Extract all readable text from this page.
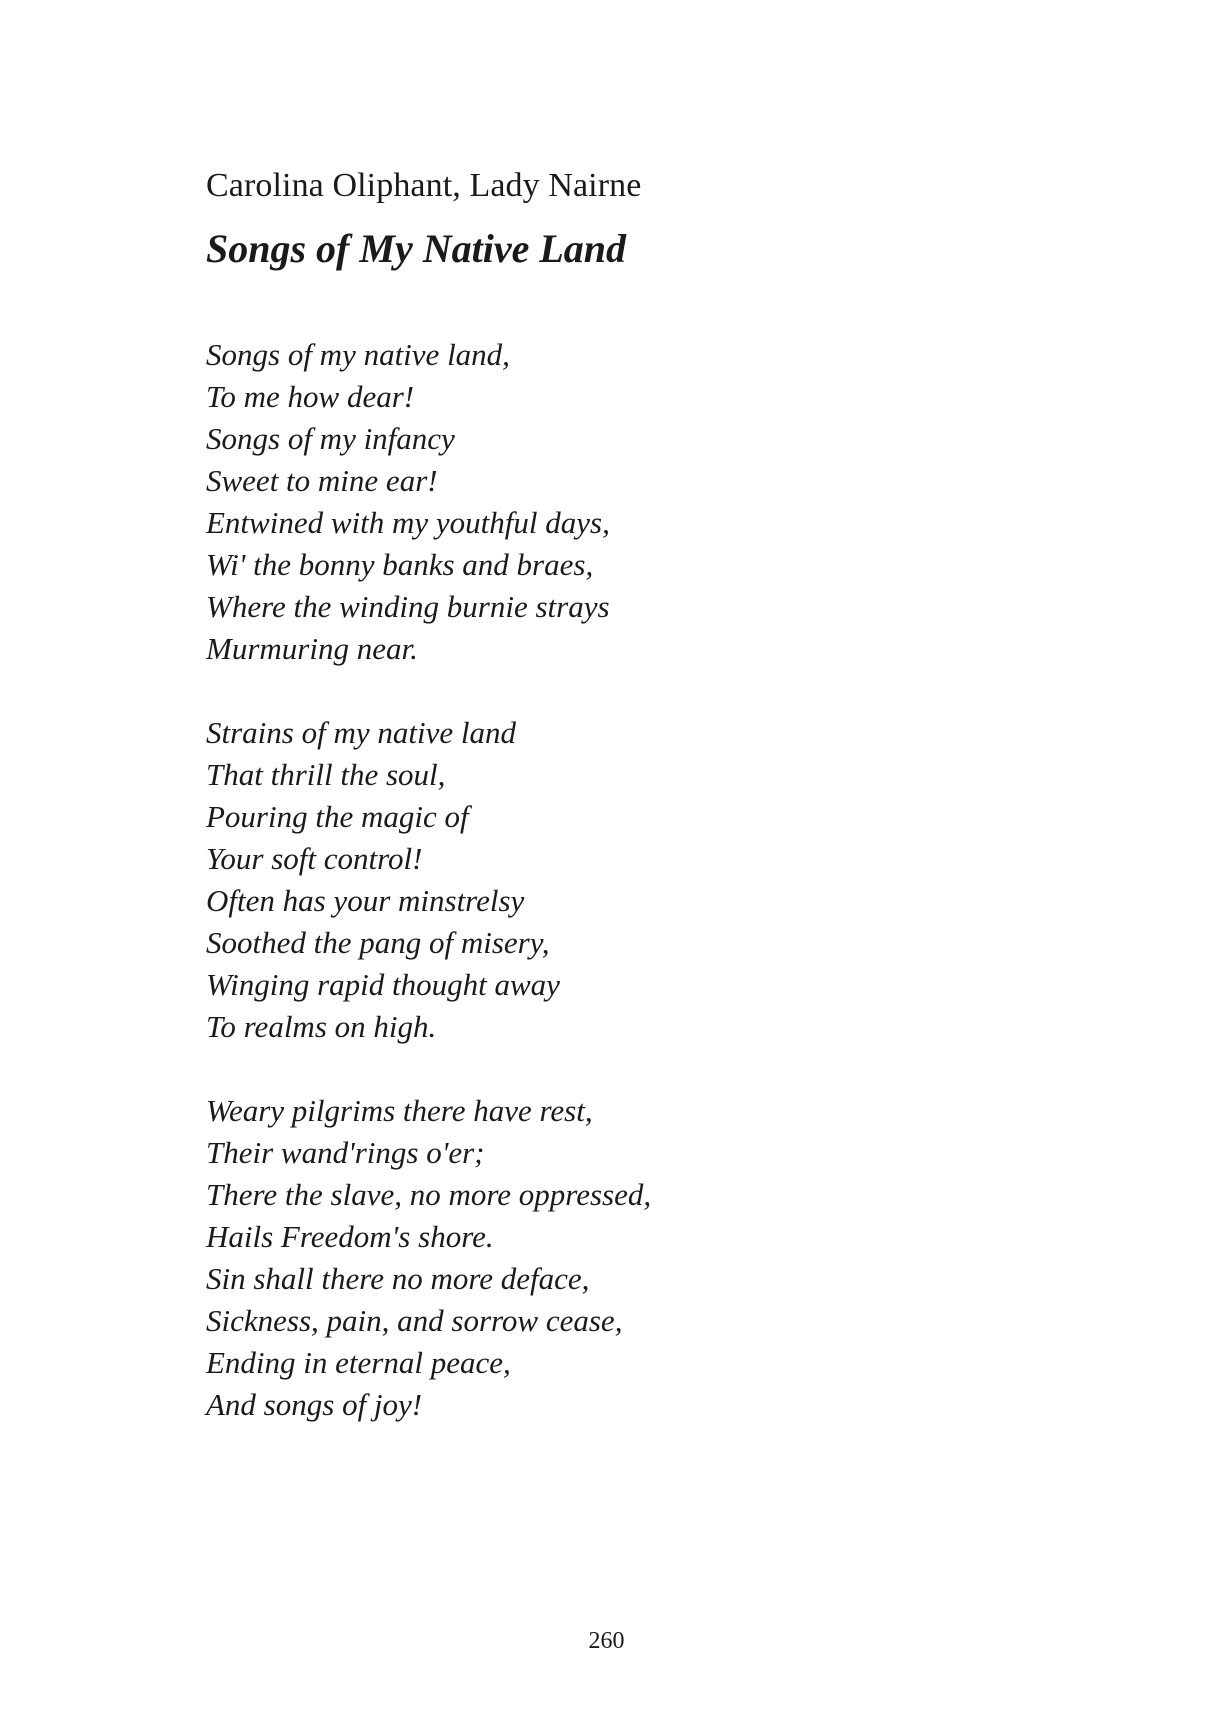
Carolina Oliphant, Lady Nairne
Songs of My Native Land
Songs of my native land,
To me how dear!
Songs of my infancy
Sweet to mine ear!
Entwined with my youthful days,
Wi' the bonny banks and braes,
Where the winding burnie strays
Murmuring near.
Strains of my native land
That thrill the soul,
Pouring the magic of
Your soft control!
Often has your minstrelsy
Soothed the pang of misery,
Winging rapid thought away
To realms on high.
Weary pilgrims there have rest,
Their wand'rings o'er;
There the slave, no more oppressed,
Hails Freedom's shore.
Sin shall there no more deface,
Sickness, pain, and sorrow cease,
Ending in eternal peace,
And songs of joy!
260
